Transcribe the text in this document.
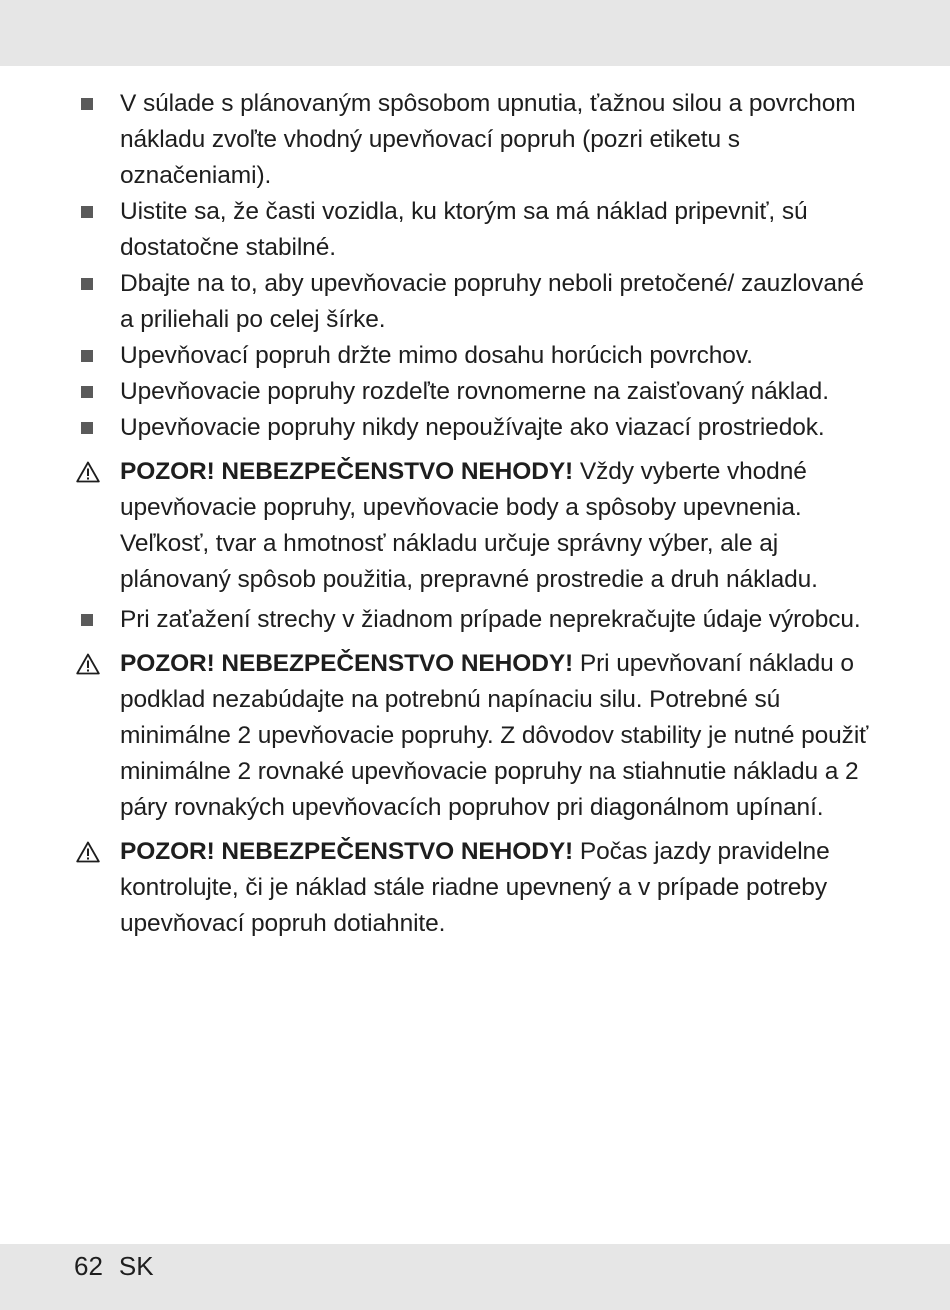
V súlade s plánovaným spôsobom upnutia, ťažnou silou a povrchom nákladu zvoľte vhodný upevňovací popruh (pozri etiketu s označeniami).
Uistite sa, že časti vozidla, ku ktorým sa má náklad pripevniť, sú dostatočne stabilné.
Dbajte na to, aby upevňovacie popruhy neboli pretočené/ zauzlované a priliehali po celej šírke.
Upevňovací popruh držte mimo dosahu horúcich povrchov.
Upevňovacie popruhy rozdeľte rovnomerne na zaisťovaný náklad.
Upevňovacie popruhy nikdy nepoužívajte ako viazací prostriedok.
POZOR! NEBEZPEČENSTVO NEHODY! Vždy vyberte vhodné upevňovacie popruhy, upevňovacie body a spôsoby upevnenia. Veľkosť, tvar a hmotnosť nákladu určuje správny výber, ale aj plánovaný spôsob použitia, prepravné prostredie a druh nákladu.
Pri zaťažení strechy v žiadnom prípade neprekračujte údaje výrobcu.
POZOR! NEBEZPEČENSTVO NEHODY! Pri upevňovaní nákladu o podklad nezabúdajte na potrebnú napínaciu silu. Potrebné sú minimálne 2 upevňovacie popruhy. Z dôvodov stability je nutné použiť minimálne 2 rovnaké upevňovacie popruhy na stiahnutie nákladu a 2 páry rovnakých upevňovacích popruhov pri diagonálnom upínaní.
POZOR! NEBEZPEČENSTVO NEHODY! Počas jazdy pravidelne kontrolujte, či je náklad stále riadne upevnený a v prípade potreby upevňovací popruh dotiahnite.
62 SK
